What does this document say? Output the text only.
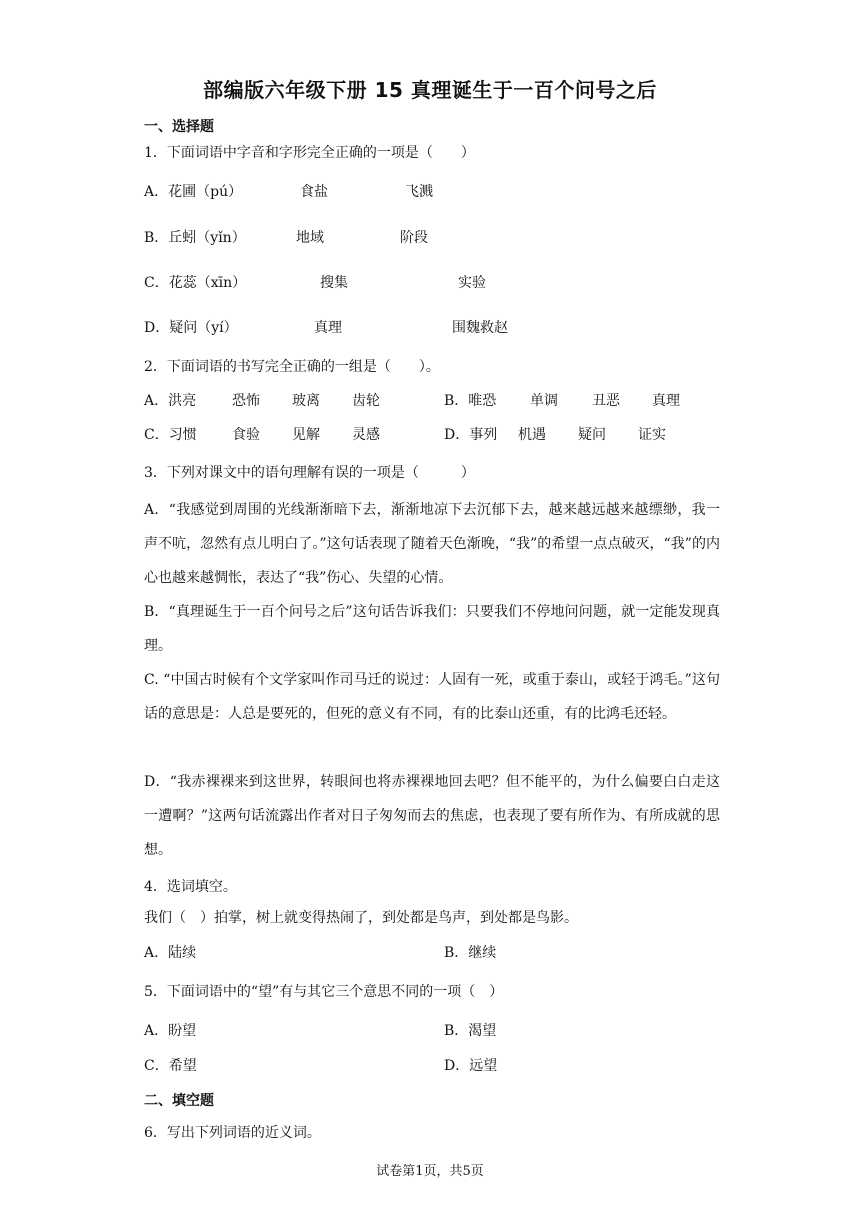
部编版六年级下册 15 真理诞生于一百个问号之后
一、选择题
1．下面词语中字音和字形完全正确的一项是（　　）
A．花圃（pú）	食盐	飞溅
B．丘蚓（yǐn）	地域	阶段
C．花蕊（xīn）	搜集	实验
D．疑问（yí）	真理	围魏救赵
2．下面词语的书写完全正确的一组是（　　）。
A．洪亮	恐怖 玻离 齿轮	B．唯恐 单调 丑恶 真理
C．习惯	食验 见解 灵感	D．事列 机遇 疑问 证实
3．下列对课文中的语句理解有误的一项是（　　　）
A．“我感觉到周围的光线渐渐暗下去，渐渐地凉下去沉郁下去，越来越远越来越缥缈，我一声不吭，忽然有点儿明白了。”这句话表现了随着天色渐晚，“我”的希望一点点破灭，“我”的内心也越来越惆怅，表达了“我”伤心、失望的心情。
B．“真理诞生于一百个问号之后”这句话告诉我们：只要我们不停地问问题，就一定能发现真理。
C. “中国古时候有个文学家叫作司马迁的说过：人固有一死，或重于泰山，或轻于鸿毛。”这句话的意思是：人总是要死的，但死的意义有不同，有的比泰山还重，有的比鸿毛还轻。
D．“我赤裸裸来到这世界，转眼间也将赤裸裸地回去吧？但不能平的，为什么偏要白白走这一遭啊？”这两句话流露出作者对日子匆匆而去的焦虑，也表现了要有所作为、有所成就的思想。
4．选词填空。
我们（　）拍掌，树上就变得热闹了，到处都是鸟声，到处都是鸟影。
A．陆续	B．继续
5．下面词语中的“望”有与其它三个意思不同的一项（　）
A．盼望	B．渴望
C．希望	D．远望
二、填空题
6．写出下列词语的近义词。
试卷第1页，共5页
